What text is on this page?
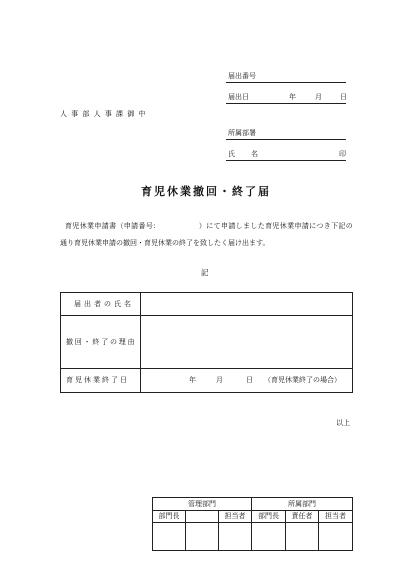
届出番号
届出日	年	月	日
人事部人事課御中
所属部署
氏名	印
育児休業撤回・終了届
育児休業申請書（申請番号:	）にて申請しました育児休業申請につき下記の
通り育児休業申請の撤回・育児休業の終了を致したく届け出ます。
記
届出者の氏名	
撤回・終了の理由	
育児休業終了日	年 月 日 （育児休業終了の場合）
以上
管理部門			所属部門		
部門長		担当者	部門長	責任者	担当者
